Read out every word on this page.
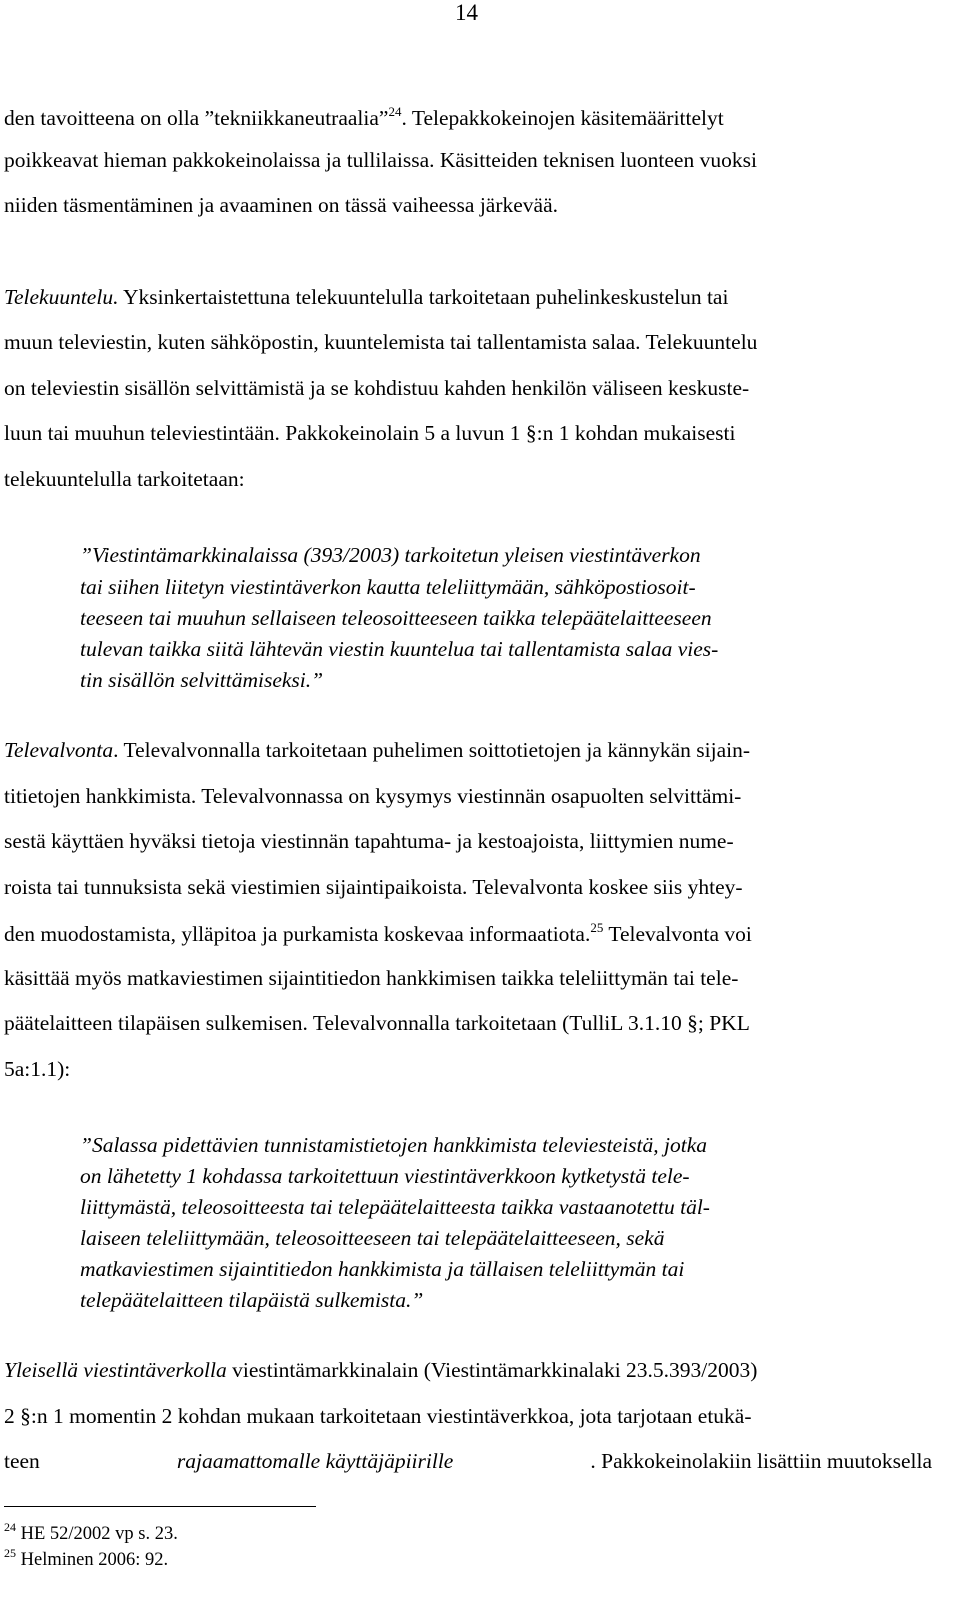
14
den tavoitteena on olla ”tekniikkaneutraalia”$^{24}$. Telepakkokeinojen käsitemäärittelyt
poikkeavat hieman pakkokeinolaissa ja tullilaissa. Käsitteiden teknisen luonteen vuoksi
niiden täsmentäminen ja avaaminen on tässä vaiheessa järkevää.
Telekuuntelu. Yksinkertaistettuna telekuuntelulla tarkoitetaan puhelinkeskustelun tai
muun televiestin, kuten sähköpostin, kuuntelemista tai tallentamista salaa. Telekuuntelu
on televiestin sisällön selvittämistä ja se kohdistuu kahden henkilön väliseen keskuste-
luun tai muuhun televiestintään. Pakkokeinolain 5 a luvun 1 §:n 1 kohdan mukaisesti
telekuuntelulla tarkoitetaan:
”Viestintämarkkinalaissa (393/2003) tarkoitetun yleisen viestintäverkon
tai siihen liitetyn viestintäverkon kautta teleliittymään, sähköpostiosoit-
teeseen tai muuhun sellaiseen teleosoitteeseen taikka telepäätelaitteeseen
tulevan taikka siitä lähtevän viestin kuuntelua tai tallentamista salaa vies-
tin sisällön selvittämiseksi.”
Televalvonta. Televalvonnalla tarkoitetaan puhelimen soittotietojen ja kännykän sijain-
titietojen hankkimista. Televalvonnassa on kysymys viestinnän osapuolten selvittämi-
sestä käyttäen hyväksi tietoja viestinnän tapahtuma- ja kestoajoista, liittymien nume-
roista tai tunnuksista sekä viestimien sijaintipaikoista. Televalvonta koskee siis yhtey-
den muodostamista, ylläpitoa ja purkamista koskevaa informaatiota.$^{25}$ Televalvonta voi
käsittää myös matkaviestimen sijaintitiedon hankkimisen taikka teleliittymän tai tele-
päätelaitteen tilapäisen sulkemisen. Televalvonnalla tarkoitetaan (TulliL 3.1.10 §; PKL
5a:1.1):
”Salassa pidettävien tunnistamistietojen hankkimista televiesteistä, jotka
on lähetetty 1 kohdassa tarkoitettuun viestintäverkkoon kytketystä tele-
liittymästä, teleosoitteesta tai telepäätelaitteesta taikka vastaanotettu täl-
laiseen teleliittymään, teleosoitteeseen tai telepäätelaitteeseen, sekä
matkaviestimen sijaintitiedon hankkimista ja tällaisen teleliittymän tai
telepäätelaitteen tilapäistä sulkemista.”
Yleisellä viestintäverkolla viestintämarkkinalain (Viestintämarkkinalaki 23.5.393/2003)
2 §:n 1 momentin 2 kohdan mukaan tarkoitetaan viestintäverkkoa, jota tarjotaan etukä-
teen	rajaamattomalle käyttäjäpiirille	. Pakkokeinolakiin lisättiin muutoksella
$^{24}$ HE 52/2002 vp s. 23.
$^{25}$ Helminen 2006: 92.
